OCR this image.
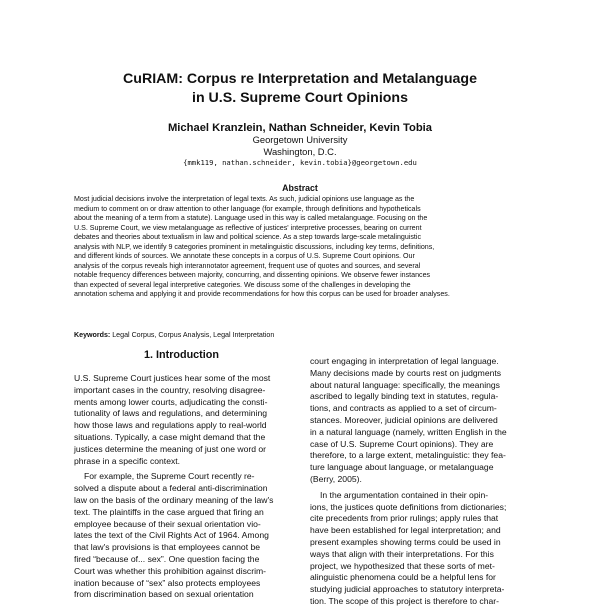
CuRIAM: Corpus re Interpretation and Metalanguage
in U.S. Supreme Court Opinions
Michael Kranzlein, Nathan Schneider, Kevin Tobia
Georgetown University
Washington, D.C.
{mmk119, nathan.schneider, kevin.tobia}@georgetown.edu
Abstract
Most judicial decisions involve the interpretation of legal texts. As such, judicial opinions use language as the
medium to comment on or draw attention to other language (for example, through definitions and hypotheticals
about the meaning of a term from a statute). Language used in this way is called metalanguage. Focusing on the
U.S. Supreme Court, we view metalanguage as reflective of justices' interpretive processes, bearing on current
debates and theories about textualism in law and political science. As a step towards large-scale metalinguistic
analysis with NLP, we identify 9 categories prominent in metalinguistic discussions, including key terms, definitions,
and different kinds of sources. We annotate these concepts in a corpus of U.S. Supreme Court opinions. Our
analysis of the corpus reveals high interannotator agreement, frequent use of quotes and sources, and several
notable frequency differences between majority, concurring, and dissenting opinions. We observe fewer instances
than expected of several legal interpretive categories. We discuss some of the challenges in developing the
annotation schema and applying it and provide recommendations for how this corpus can be used for broader analyses.
Keywords: Legal Corpus, Corpus Analysis, Legal Interpretation
1. Introduction
U.S. Supreme Court justices hear some of the most
important cases in the country, resolving disagree-
ments among lower courts, adjudicating the consti-
tutionality of laws and regulations, and determining
how those laws and regulations apply to real-world
situations. Typically, a case might demand that the
justices determine the meaning of just one word or
phrase in a specific context.
For example, the Supreme Court recently re-
solved a dispute about a federal anti-discrimination
law on the basis of the ordinary meaning of the law's
text. The plaintiffs in the case argued that firing an
employee because of their sexual orientation vio-
lates the text of the Civil Rights Act of 1964. Among
that law's provisions is that employees cannot be
fired “because of... sex”. One question facing the
Court was whether this prohibition against discrim-
ination because of “sex” also protects employees
from discrimination based on sexual orientation
court engaging in interpretation of legal language.
Many decisions made by courts rest on judgments
about natural language: specifically, the meanings
ascribed to legally binding text in statutes, regula-
tions, and contracts as applied to a set of circum-
stances. Moreover, judicial opinions are delivered
in a natural language (namely, written English in the
case of U.S. Supreme Court opinions). They are
therefore, to a large extent, metalinguistic: they fea-
ture language about language, or metalanguage
(Berry, 2005).
In the argumentation contained in their opin-
ions, the justices quote definitions from dictionaries;
cite precedents from prior rulings; apply rules that
have been established for legal interpretation; and
present examples showing terms could be used in
ways that align with their interpretations. For this
project, we hypothesized that these sorts of met-
alinguistic phenomena could be a helpful lens for
studying judicial approaches to statutory interpreta-
tion. The scope of this project is therefore to char-
